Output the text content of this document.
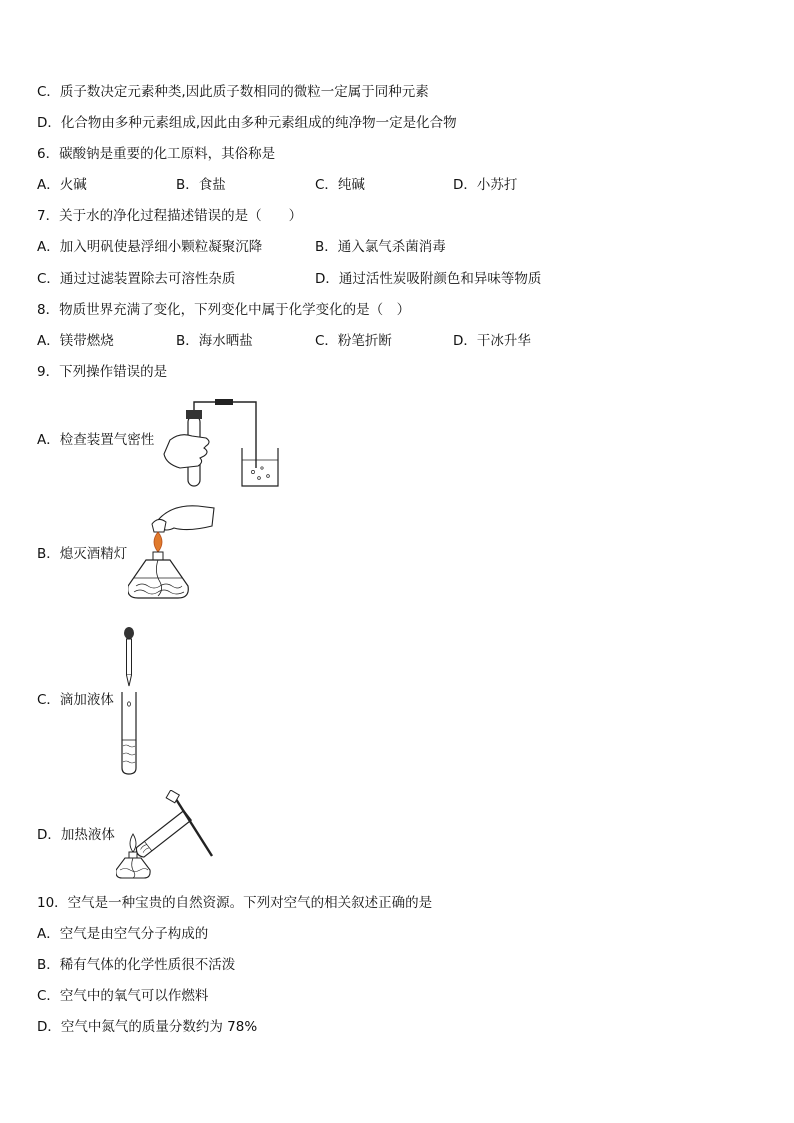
C．质子数决定元素种类,因此质子数相同的微粒一定属于同种元素
D．化合物由多种元素组成,因此由多种元素组成的纯净物一定是化合物
6．碳酸钠是重要的化工原料，其俗称是
A．火碱	B．食盐	C．纯碱	D．小苏打
7．关于水的净化过程描述错误的是（　　）
A．加入明矾使悬浮细小颗粒凝聚沉降	B．通入氯气杀菌消毒
C．通过过滤装置除去可溶性杂质	D．通过活性炭吸附颜色和异味等物质
8．物质世界充满了变化，下列变化中属于化学变化的是（　）
A．镁带燃烧	B．海水晒盐	C．粉笔折断	D．干冰升华
9．下列操作错误的是
A．检查装置气密性
B．熄灭酒精灯
C．滴加液体
D．加热液体
10．空气是一种宝贵的自然资源。下列对空气的相关叙述正确的是
A．空气是由空气分子构成的
B．稀有气体的化学性质很不活泼
C．空气中的氧气可以作燃料
D．空气中氮气的质量分数约为 78%
